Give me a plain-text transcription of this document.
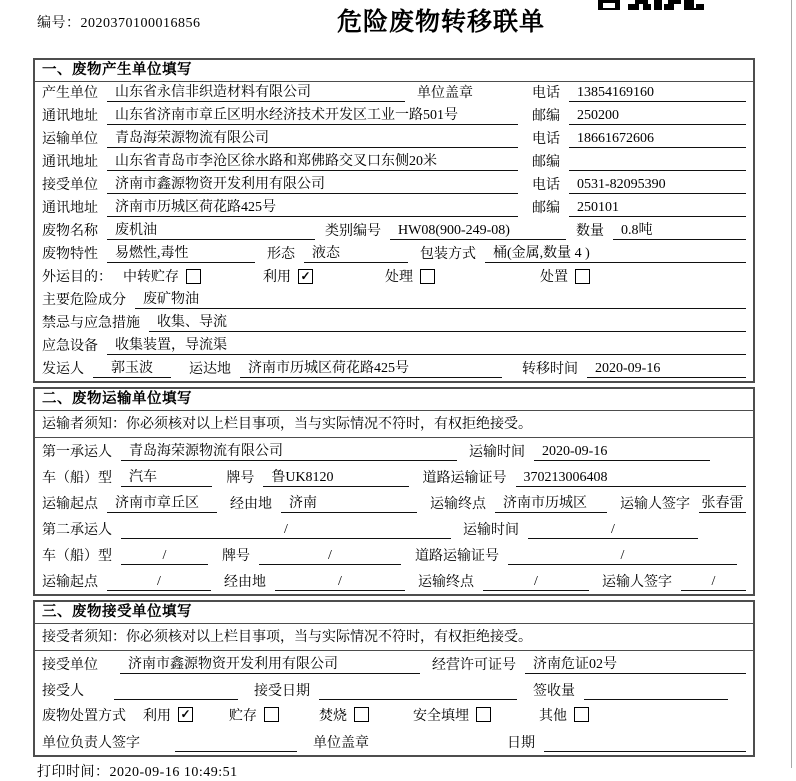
编号：2020370100016856	危险废物转移联单
一、废物产生单位填写
产生单位	山东省永信非织造材料有限公司	单位盖章	电话	13854169160
通讯地址	山东省济南市章丘区明水经济技术开发区工业一路501号	邮编	250200
运输单位	青岛海荣源物流有限公司	电话	18661672606
通讯地址	山东省青岛市李沧区徐水路和郑佛路交叉口东侧20米	邮编
接受单位	济南市鑫源物资开发利用有限公司	电话	0531-82095390
通讯地址	济南市历城区荷花路425号	邮编	250101
废物名称	废机油	类别编号	HW08(900-249-08)	数量	0.8吨
废物特性	易燃性,毒性	形态	液态	包装方式	桶(金属,数量 4 )
外运目的： 中转贮存	利用 ✓	处理	处置
主要危险成分	废矿物油
禁忌与应急措施	收集、导流
应急设备	收集装置，导流渠
发运人	郭玉波	运达地	济南市历城区荷花路425号	转移时间	2020-09-16
二、废物运输单位填写
运输者须知：你必须核对以上栏目事项，当与实际情况不符时，有权拒绝接受。
第一承运人	青岛海荣源物流有限公司	运输时间	2020-09-16
车（船）型	汽车	牌号	鲁UK8120	道路运输证号	370213006408
运输起点	济南市章丘区	经由地	济南	运输终点	济南市历城区	运输人签字 张春雷
第二承运人	/	运输时间	/
车（船）型	/	牌号	/	道路运输证号	/
运输起点	/	经由地	/	运输终点	/	运输人签字	/
三、废物接受单位填写
接受者须知：你必须核对以上栏目事项，当与实际情况不符时，有权拒绝接受。
接受单位	济南市鑫源物资开发利用有限公司	经营许可证号	济南危证02号
接受人	接受日期	签收量
废物处置方式 利用 ✓	贮存	焚烧	安全填埋	其他
单位负责人签字	单位盖章	日期
打印时间：2020-09-16 10:49:51
